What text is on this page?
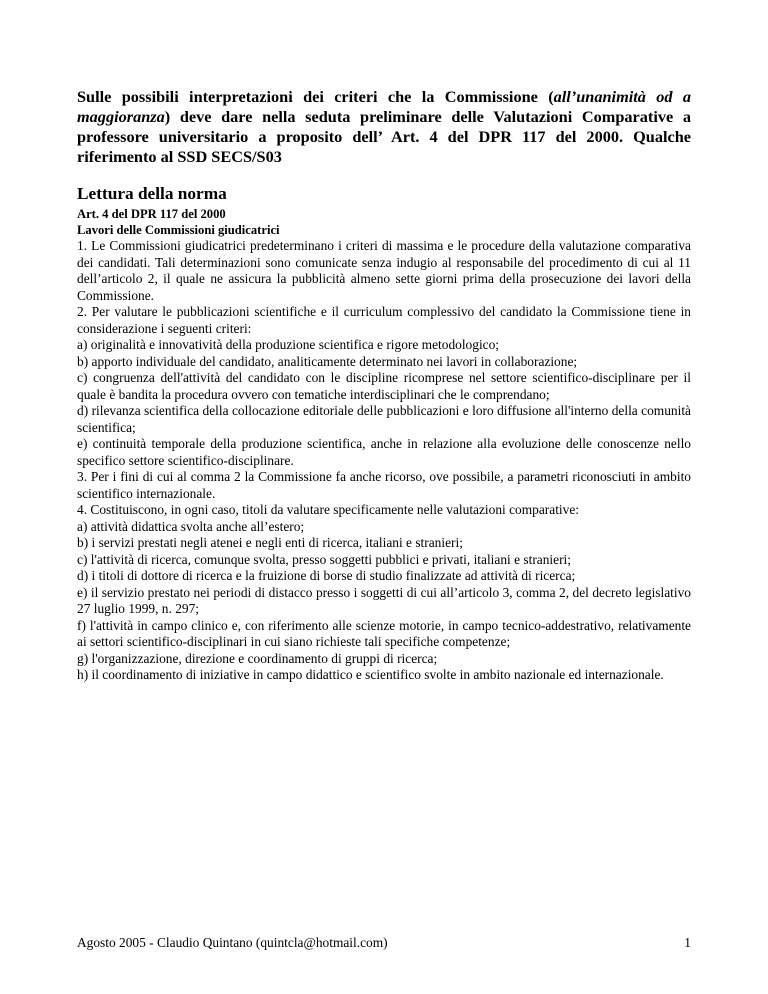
Sulle possibili interpretazioni dei criteri che la Commissione (all’unanimità od a maggioranza) deve dare nella seduta preliminare delle Valutazioni Comparative a professore universitario a proposito dell’ Art. 4 del DPR 117 del 2000. Qualche riferimento al SSD SECS/S03
Lettura della norma
Art. 4 del DPR 117 del 2000
Lavori delle Commissioni giudicatrici

1. Le Commissioni giudicatrici predeterminano i criteri di massima e le procedure della valutazione comparativa dei candidati. Tali determinazioni sono comunicate senza indugio al responsabile del procedimento di cui al 11 dell’articolo 2, il quale ne assicura la pubblicità almeno sette giorni prima della prosecuzione dei lavori della Commissione.

2. Per valutare le pubblicazioni scientifiche e il curriculum complessivo del candidato la Commissione tiene in considerazione i seguenti criteri:

a) originalità e innovatività della produzione scientifica e rigore metodologico;

b) apporto individuale del candidato, analiticamente determinato nei lavori in collaborazione;

c) congruenza dell'attività del candidato con le discipline ricomprese nel settore scientifico-disciplinare per il quale è bandita la procedura ovvero con tematiche interdisciplinari che le comprendano;

d) rilevanza scientifica della collocazione editoriale delle pubblicazioni e loro diffusione all'interno della comunità scientifica;

e) continuità temporale della produzione scientifica, anche in relazione alla evoluzione delle conoscenze nello specifico settore scientifico-disciplinare.

3. Per i fini di cui al comma 2 la Commissione fa anche ricorso, ove possibile, a parametri riconosciuti in ambito scientifico internazionale.

4. Costituiscono, in ogni caso, titoli da valutare specificamente nelle valutazioni comparative:

a) attività didattica svolta anche all’estero;

b) i servizi prestati negli atenei e negli enti di ricerca, italiani e stranieri;

c) l'attività di ricerca, comunque svolta, presso soggetti pubblici e privati, italiani e stranieri;

d) i titoli di dottore di ricerca e la fruizione di borse di studio finalizzate ad attività di ricerca;

e) il servizio prestato nei periodi di distacco presso i soggetti di cui all’articolo 3, comma 2, del decreto legislativo 27 luglio 1999, n. 297;

f) l'attività in campo clinico e, con riferimento alle scienze motorie, in campo tecnico-addestrativo, relativamente ai settori scientifico-disciplinari in cui siano richieste tali specifiche competenze;

g) l'organizzazione, direzione e coordinamento di gruppi di ricerca;

h) il coordinamento di iniziative in campo didattico e scientifico svolte in ambito nazionale ed internazionale.

Agosto 2005 - Claudio Quintano (quintcla@hotmail.com)	1
